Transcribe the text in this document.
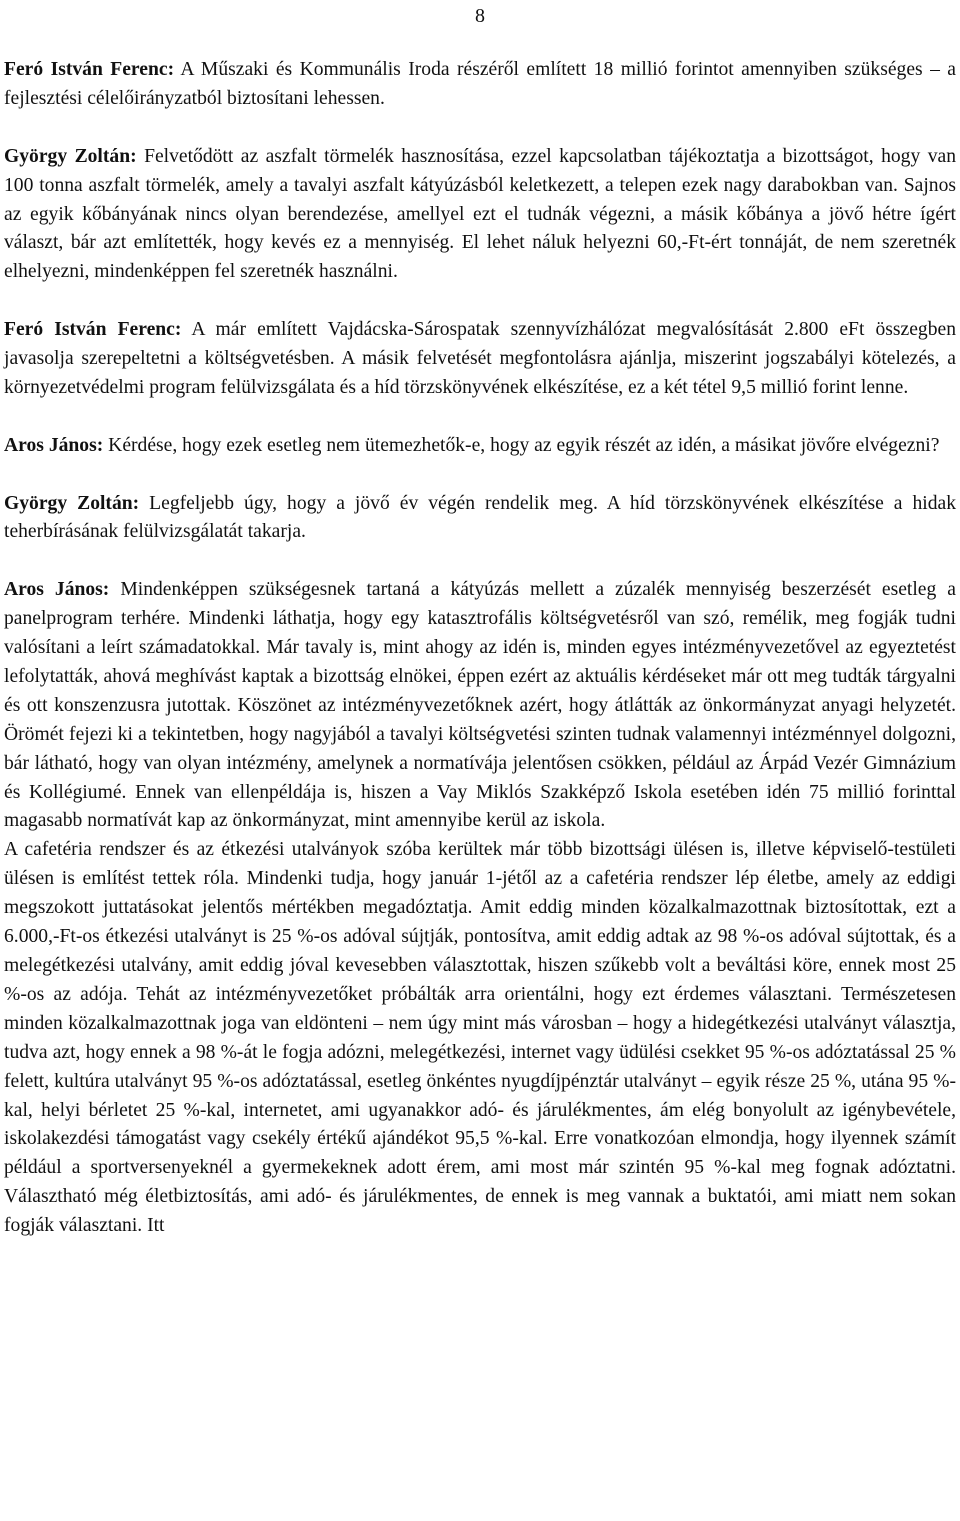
8

Feró István Ferenc: A Műszaki és Kommunális Iroda részéről említett 18 millió forintot amennyiben szükséges – a fejlesztési célelőirányzatból biztosítani lehessen.

György Zoltán: Felvetődött az aszfalt törmelék hasznosítása, ezzel kapcsolatban tájékoztatja a bizottságot, hogy van 100 tonna aszfalt törmelék, amely a tavalyi aszfalt kátyúzásból keletkezett, a telepen ezek nagy darabokban van. Sajnos az egyik kőbányának nincs olyan berendezése, amellyel ezt el tudnák végezni, a másik kőbánya a jövő hétre ígért választ, bár azt említették, hogy kevés ez a mennyiség. El lehet náluk helyezni 60,-Ft-ért tonnáját, de nem szeretnék elhelyezni, mindenképpen fel szeretnék használni.

Feró István Ferenc: A már említett Vajdácska-Sárospatak szennyvízhálózat megvalósítását 2.800 eFt összegben javasolja szerepeltetni a költségvetésben. A másik felvetését megfontolásra ajánlja, miszerint jogszabályi kötelezés, a környezetvédelmi program felülvizsgálata és a híd törzskönyvének elkészítése, ez a két tétel 9,5 millió forint lenne.

Aros János: Kérdése, hogy ezek esetleg nem ütemezhetők-e, hogy az egyik részét az idén, a másikat jövőre elvégezni?

György Zoltán: Legfeljebb úgy, hogy a jövő év végén rendelik meg. A híd törzskönyvének elkészítése a hidak teherbírásának felülvizsgálatát takarja.

Aros János: Mindenképpen szükségesnek tartaná a kátyúzás mellett a zúzalék mennyiség beszerzését esetleg a panelprogram terhére. Mindenki láthatja, hogy egy katasztrofális költségvetésről van szó, remélik, meg fogják tudni valósítani a leírt számadatokkal. Már tavaly is, mint ahogy az idén is, minden egyes intézményvezetővel az egyeztetést lefolytatták, ahová meghívást kaptak a bizottság elnökei, éppen ezért az aktuális kérdéseket már ott meg tudták tárgyalni és ott konszenzusra jutottak. Köszönet az intézményvezetőknek azért, hogy átlátták az önkormányzat anyagi helyzetét. Örömét fejezi ki a tekintetben, hogy nagyjából a tavalyi költségvetési szinten tudnak valamennyi intézménnyel dolgozni, bár látható, hogy van olyan intézmény, amelynek a normatívája jelentősen csökken, például az Árpád Vezér Gimnázium és Kollégiumé. Ennek van ellenpéldája is, hiszen a Vay Miklós Szakképző Iskola esetében idén 75 millió forinttal magasabb normatívát kap az önkormányzat, mint amennyibe kerül az iskola.

A cafetéria rendszer és az étkezési utalványok szóba kerültek már több bizottsági ülésen is, illetve képviselő-testületi ülésen is említést tettek róla. Mindenki tudja, hogy január 1-jétől az a cafetéria rendszer lép életbe, amely az eddigi megszokott juttatásokat jelentős mértékben megadóztatja. Amit eddig minden közalkalmazottnak biztosítottak, ezt a 6.000,-Ft-os étkezési utalványt is 25 %-os adóval sújtják, pontosítva, amit eddig adtak az 98 %-os adóval sújtottak, és a melegétkezési utalvány, amit eddig jóval kevesebben választottak, hiszen szűkebb volt a beváltási köre, ennek most 25 %-os az adója. Tehát az intézményvezetőket próbálták arra orientálni, hogy ezt érdemes választani. Természetesen minden közalkalmazottnak joga van eldönteni – nem úgy mint más városban – hogy a hidegétkezési utalványt választja, tudva azt, hogy ennek a 98 %-át le fogja adózni, melegétkezési, internet vagy üdülési csekket 95 %-os adóztatással 25 % felett, kultúra utalványt 95 %-os adóztatással, esetleg önkéntes nyugdíjpénztár utalványt – egyik része 25 %, utána 95 %-kal, helyi bérletet 25 %-kal, internetet, ami ugyanakkor adó- és járulékmentes, ám elég bonyolult az igénybevétele, iskolakezdési támogatást vagy csekély értékű ajándékot 95,5 %-kal. Erre vonatkozóan elmondja, hogy ilyennek számít például a sportversenyeknél a gyermekeknek adott érem, ami most már szintén 95 %-kal meg fognak adóztatni. Választható még életbiztosítás, ami adó- és járulékmentes, de ennek is meg vannak a buktatói, ami miatt nem sokan fogják választani. Itt
